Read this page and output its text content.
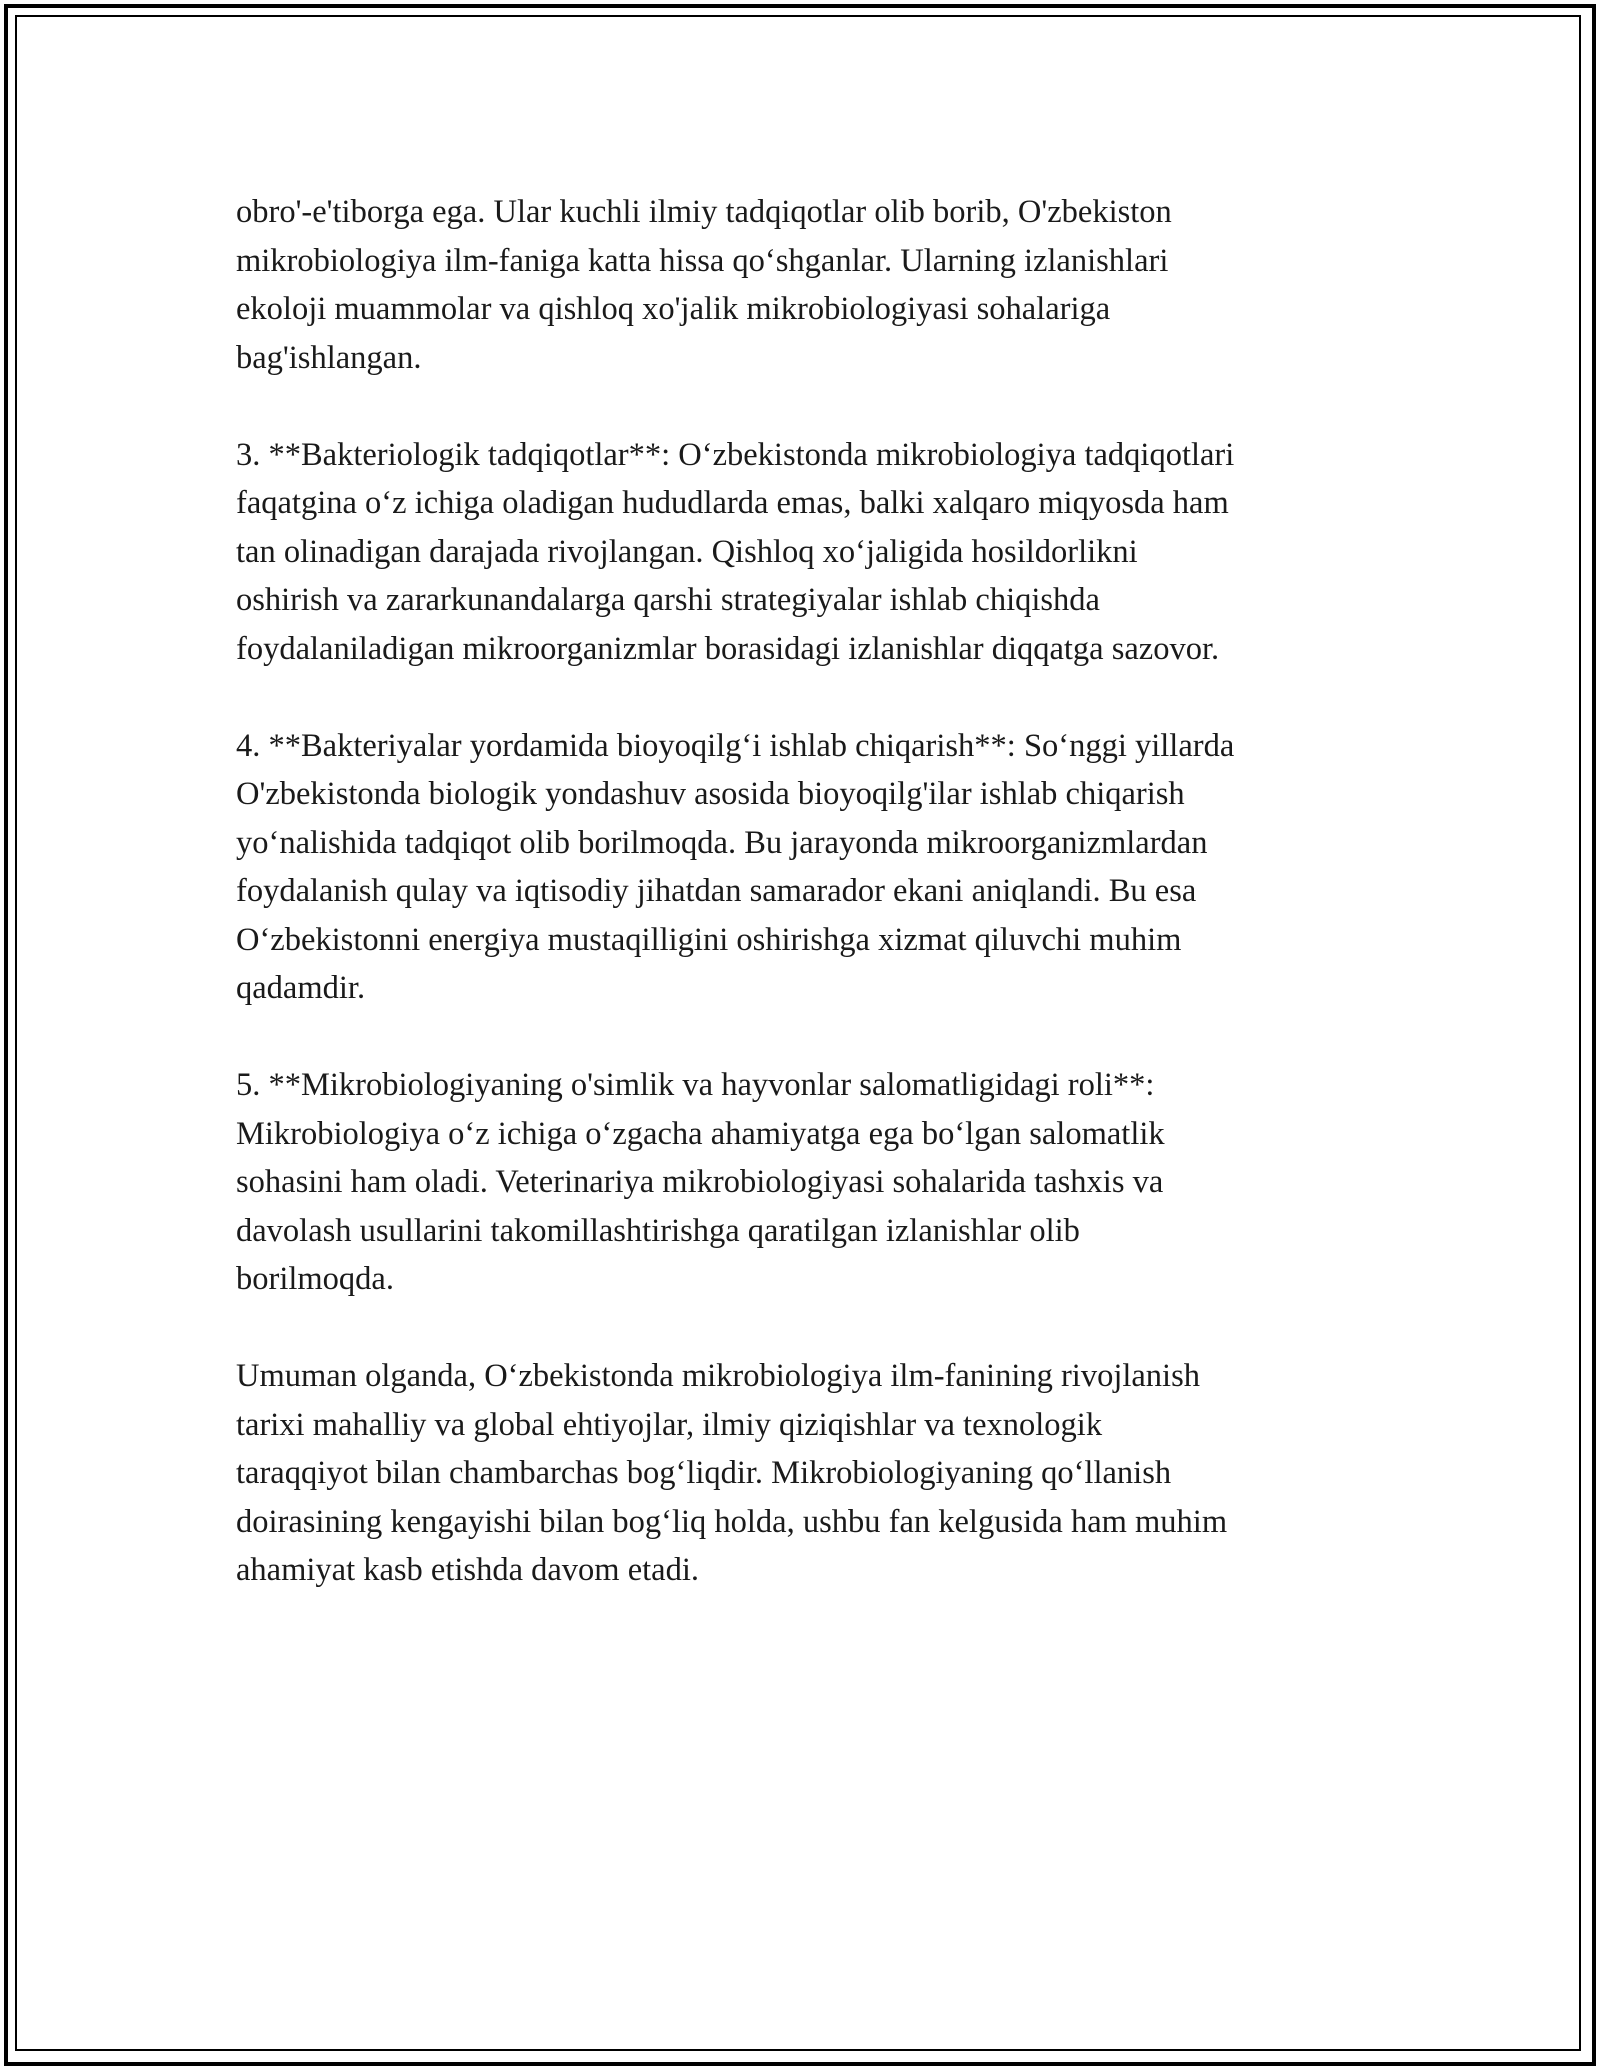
obro'-e'tiborga ega. Ular kuchli ilmiy tadqiqotlar olib borib, O'zbekiston
mikrobiologiya ilm-faniga katta hissa qo‘shganlar. Ularning izlanishlari
ekoloji muammolar va qishloq xo'jalik mikrobiologiyasi sohalariga
bag'ishlangan.

3. **Bakteriologik tadqiqotlar**: O‘zbekistonda mikrobiologiya tadqiqotlari
faqatgina o‘z ichiga oladigan hududlarda emas, balki xalqaro miqyosda ham
tan olinadigan darajada rivojlangan. Qishloq xo‘jaligida hosildorlikni
oshirish va zararkunandalarga qarshi strategiyalar ishlab chiqishda
foydalaniladigan mikroorganizmlar borasidagi izlanishlar diqqatga sazovor.

4. **Bakteriyalar yordamida bioyoqilg‘i ishlab chiqarish**: So‘nggi yillarda
O'zbekistonda biologik yondashuv asosida bioyoqilg'ilar ishlab chiqarish
yo‘nalishida tadqiqot olib borilmoqda. Bu jarayonda mikroorganizmlardan
foydalanish qulay va iqtisodiy jihatdan samarador ekani aniqlandi. Bu esa
O‘zbekistonni energiya mustaqilligini oshirishga xizmat qiluvchi muhim
qadamdir.

5. **Mikrobiologiyaning o'simlik va hayvonlar salomatligidagi roli**:
Mikrobiologiya o‘z ichiga o‘zgacha ahamiyatga ega bo‘lgan salomatlik
sohasini ham oladi. Veterinariya mikrobiologiyasi sohalarida tashxis va
davolash usullarini takomillashtirishga qaratilgan izlanishlar olib
borilmoqda.

Umuman olganda, O‘zbekistonda mikrobiologiya ilm-fanining rivojlanish
tarixi mahalliy va global ehtiyojlar, ilmiy qiziqishlar va texnologik
taraqqiyot bilan chambarchas bog‘liqdir. Mikrobiologiyaning qo‘llanish
doirasining kengayishi bilan bog‘liq holda, ushbu fan kelgusida ham muhim
ahamiyat kasb etishda davom etadi.
